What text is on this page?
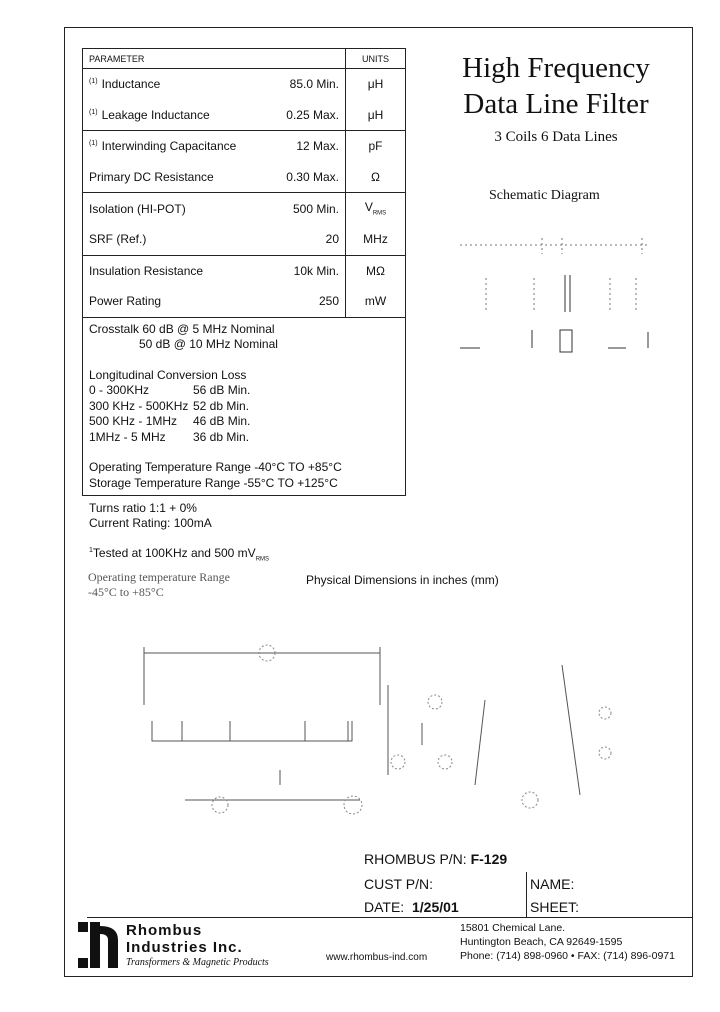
PARAMETER	UNITS
$^{(1)}$ Inductance	85.0 Min. μH
$^{(1)}$ Leakage Inductance	0.25 Max. μH
$^{(1)}$ Interwinding Capacitance	12 Max. pF
Primary DC Resistance	0.30 Max.	Ω
Isolation (HI-POT)	500 Min. $V_{RMS}$
SRF (Ref.)	20 MHz
Insulation Resistance	10k Min. MΩ
Power Rating	250 mW
Crosstalk 60 dB @ 5 MHz Nominal
50 dB @ 10 MHz Nominal
Longitudinal Conversion Loss
0 - 300KHz	56 dB Min.
300 KHz - 500KHz 52 db Min.
500 KHz - 1MHz	46 dB Min.
1MHz - 5 MHz	36 db Min.
Operating Temperature Range -40°C TO +85°C
Storage Temperature Range -55°C TO +125°C
Turns ratio 1:1 + 0%
Current Rating: 100mA
$^1$Tested at 100KHz and 500 $mV_{RMS}$
Operating temperature Range
-45°C to +85°C
Physical Dimensions in inches (mm)
High Frequency
Data Line Filter
3 Coils 6 Data Lines
Schematic Diagram
RHOMBUS P/N: F-129
CUST P/N:	NAME:
DATE: 1/25/01	SHEET:
Rhombus
Industries Inc.
Transformers & Magnetic Products	www.rhombus-ind.com
15801 Chemical Lane.
Huntington Beach, CA 92649-1595
Phone: (714) 898-0960 • FAX: (714) 896-0971
